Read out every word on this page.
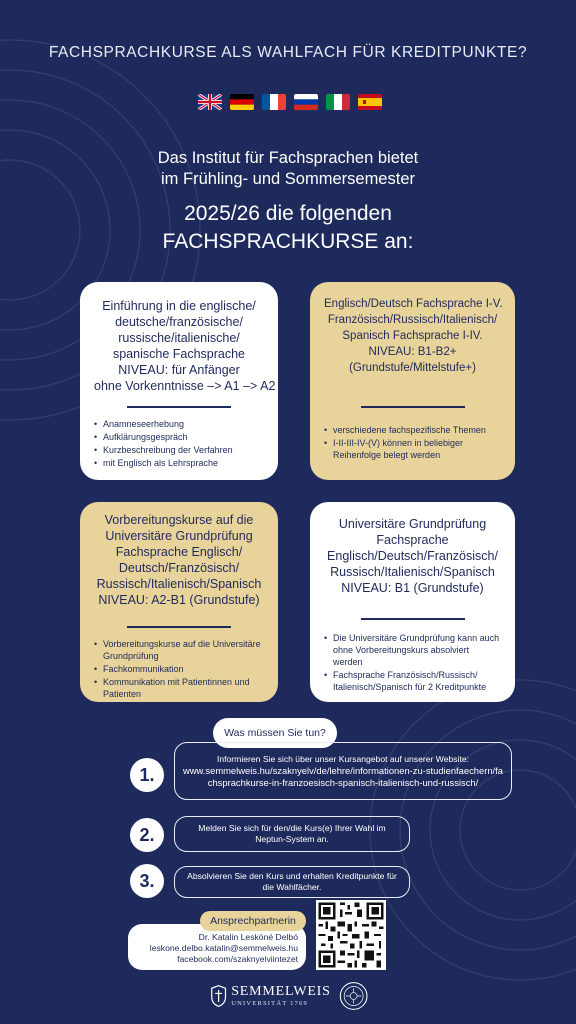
FACHSPRACHKURSE ALS WAHLFACH FÜR KREDITPUNKTE?
Das Institut für Fachsprachen bietet
im Frühling- und Sommersemester
2025/26 die folgenden
FACHSPRACHKURSE an:
Einführung in die englische/
deutsche/französische/
russische/italienische/
spanische Fachsprache
NIVEAU: für Anfänger
ohne Vorkenntnisse –> A1 –> A2
• Anamneseerhebung
• Aufklärungsgespräch
• Kurzbeschreibung der Verfahren
• mit Englisch als Lehrsprache
Englisch/Deutsch Fachsprache I-V.
Französisch/Russisch/Italienisch/
Spanisch Fachsprache I-IV.
NIVEAU: B1-B2+
(Grundstufe/Mittelstufe+)
• verschiedene fachspezifische Themen
• I-II-III-IV-(V) können in beliebiger Reihenfolge belegt werden
Vorbereitungskurse auf die
Universitäre Grundprüfung
Fachsprache Englisch/
Deutsch/Französisch/
Russisch/Italienisch/Spanisch
NIVEAU: A2-B1 (Grundstufe)
• Vorbereitungskurse auf die Universitäre Grundprüfung
• Fachkommunikation
• Kommunikation mit Patientinnen und Patienten
Universitäre Grundprüfung
Fachsprache
Englisch/Deutsch/Französisch/
Russisch/Italienisch/Spanisch
NIVEAU: B1 (Grundstufe)
• Die Universitäre Grundprüfung kann auch ohne Vorbereitungskurs absolviert werden
• Fachsprache Französisch/Russisch/ Italienisch/Spanisch für 2 Kreditpunkte
Was müssen Sie tun?
1.
Informieren Sie sich über unser Kursangebot auf unserer Website:
www.semmelweis.hu/szaknyelv/de/lehre/informationen-zu-studienfaechern/fachsprachkurse-in-franzoesisch-spanisch-italienisch-und-russisch/
2.	Melden Sie sich für den/die Kurs(e) Ihrer Wahl im Neptun-System an.
3.	Absolvieren Sie den Kurs und erhalten Kreditpunkte für die Wahlfächer.
Dr. Katalin Lesköné Delbó
leskone.delbo.katalin@semmelweis.hu
facebook.com/szaknyelviintezet
Ansprechpartnerin
SEMMELWEIS
UNIVERSITÄT 1769
